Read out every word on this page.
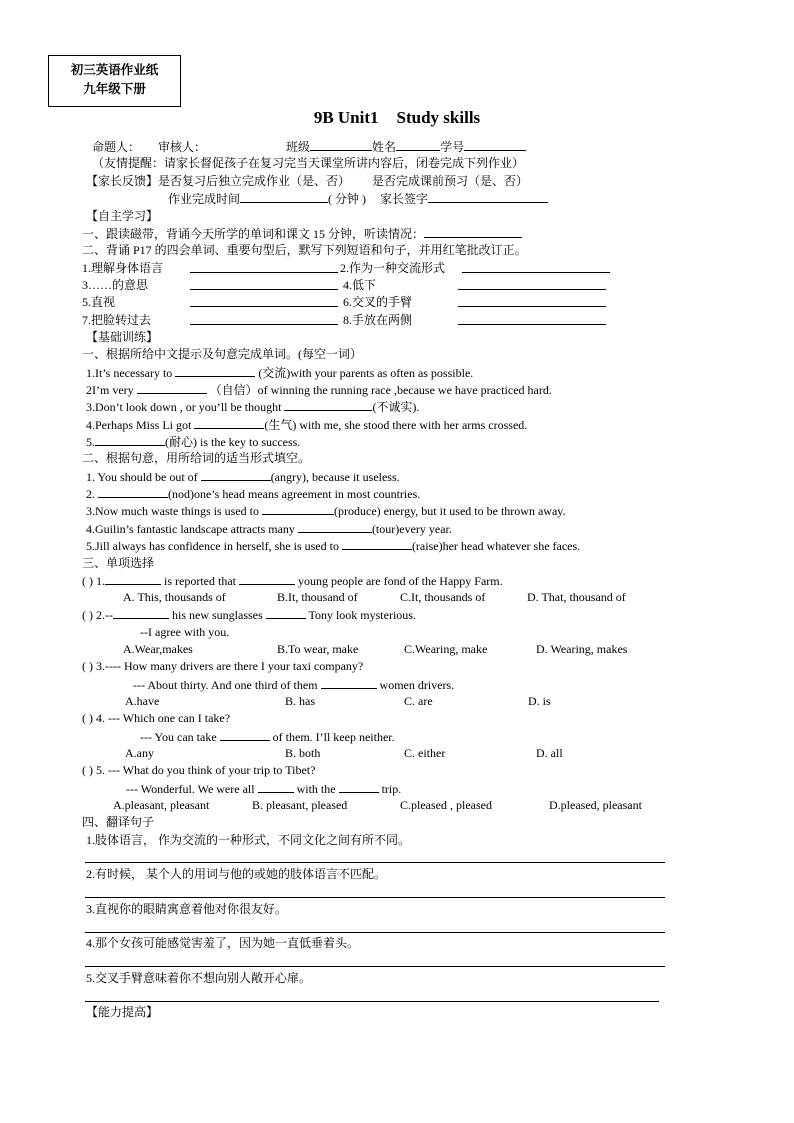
初三英语作业纸
九年级下册
9B Unit1 Study skills
命题人： 审核人：	班级	姓名	学号
（友情提醒：请家长督促孩子在复习完当天课堂所讲内容后，闭卷完成下列作业）
【家长反馈】是否复习后独立完成作业（是、否） 是否完成课前预习（是、否）
作业完成时间	( 分钟 ) 家长签字
【自主学习】
一、跟读磁带，背诵今天所学的单词和课文 15 分钟，听读情况：
二、背诵 P17 的四会单词、重要句型后，默写下列短语和句子，并用红笔批改订正。
1.理解身体语言	2.作为一种交流形式
3……的意思	4.低下
5.直视	6.交叉的手臂
7.把脸转过去	8.手放在两侧
【基础训练】
一、根据所给中文提示及句意完成单词。(每空一词）
1.It’s necessary to	(交流)with your parents as often as possible.
2I’m very	（自信）of winning the running race ,because we have practiced hard.
3.Don’t look down , or you’ll be thought	(不诚实).
4.Perhaps Miss Li got	(生气) with me, she stood there with her arms crossed.
5.	(耐心) is the key to success.
二、根据句意，用所给词的适当形式填空。
1. You should be out of	(angry), because it useless.
2.	(nod)one’s head means agreement in most countries.
3.Now much waste things is used to	(produce) energy, but it used to be thrown away.
4.Guilin’s fantastic landscape attracts many	(tour)every year.
5.Jill always has confidence in herself, she is used to	(raise)her head whatever she faces.
三、单项选择
( ) 1.	is reported that	young people are fond of the Happy Farm.
A. This, thousands of	B.It, thousand of	C.It, thousands of	D. That, thousand of
( ) 2.--	his new sunglasses	Tony look mysterious.
--I agree with you.
A.Wear,makes	B.To wear, make	C.Wearing, make	D. Wearing, makes
( ) 3.---- How many drivers are there I your taxi company?
--- About thirty. And one third of them	women drivers.
A.have	B. has	C. are	D. is
( ) 4. --- Which one can I take?
--- You can take	of them. I’ll keep neither.
A.any	B. both	C. either	D. all
( ) 5. --- What do you think of your trip to Tibet?
--- Wonderful. We were all	with the	trip.
A.pleasant, pleasant	B. pleasant, pleased	C.pleased , pleased	D.pleased, pleasant
四、翻译句子
1.肢体语言， 作为交流的一种形式，不同文化之间有所不同。
2.有时候， 某个人的用词与他的或她的肢体语言不匹配。
3.直视你的眼睛寓意着他对你很友好。
4.那个女孩可能感觉害羞了，因为她一直低垂着头。
5.交叉手臂意味着你不想向别人敞开心扉。
【能力提高】
